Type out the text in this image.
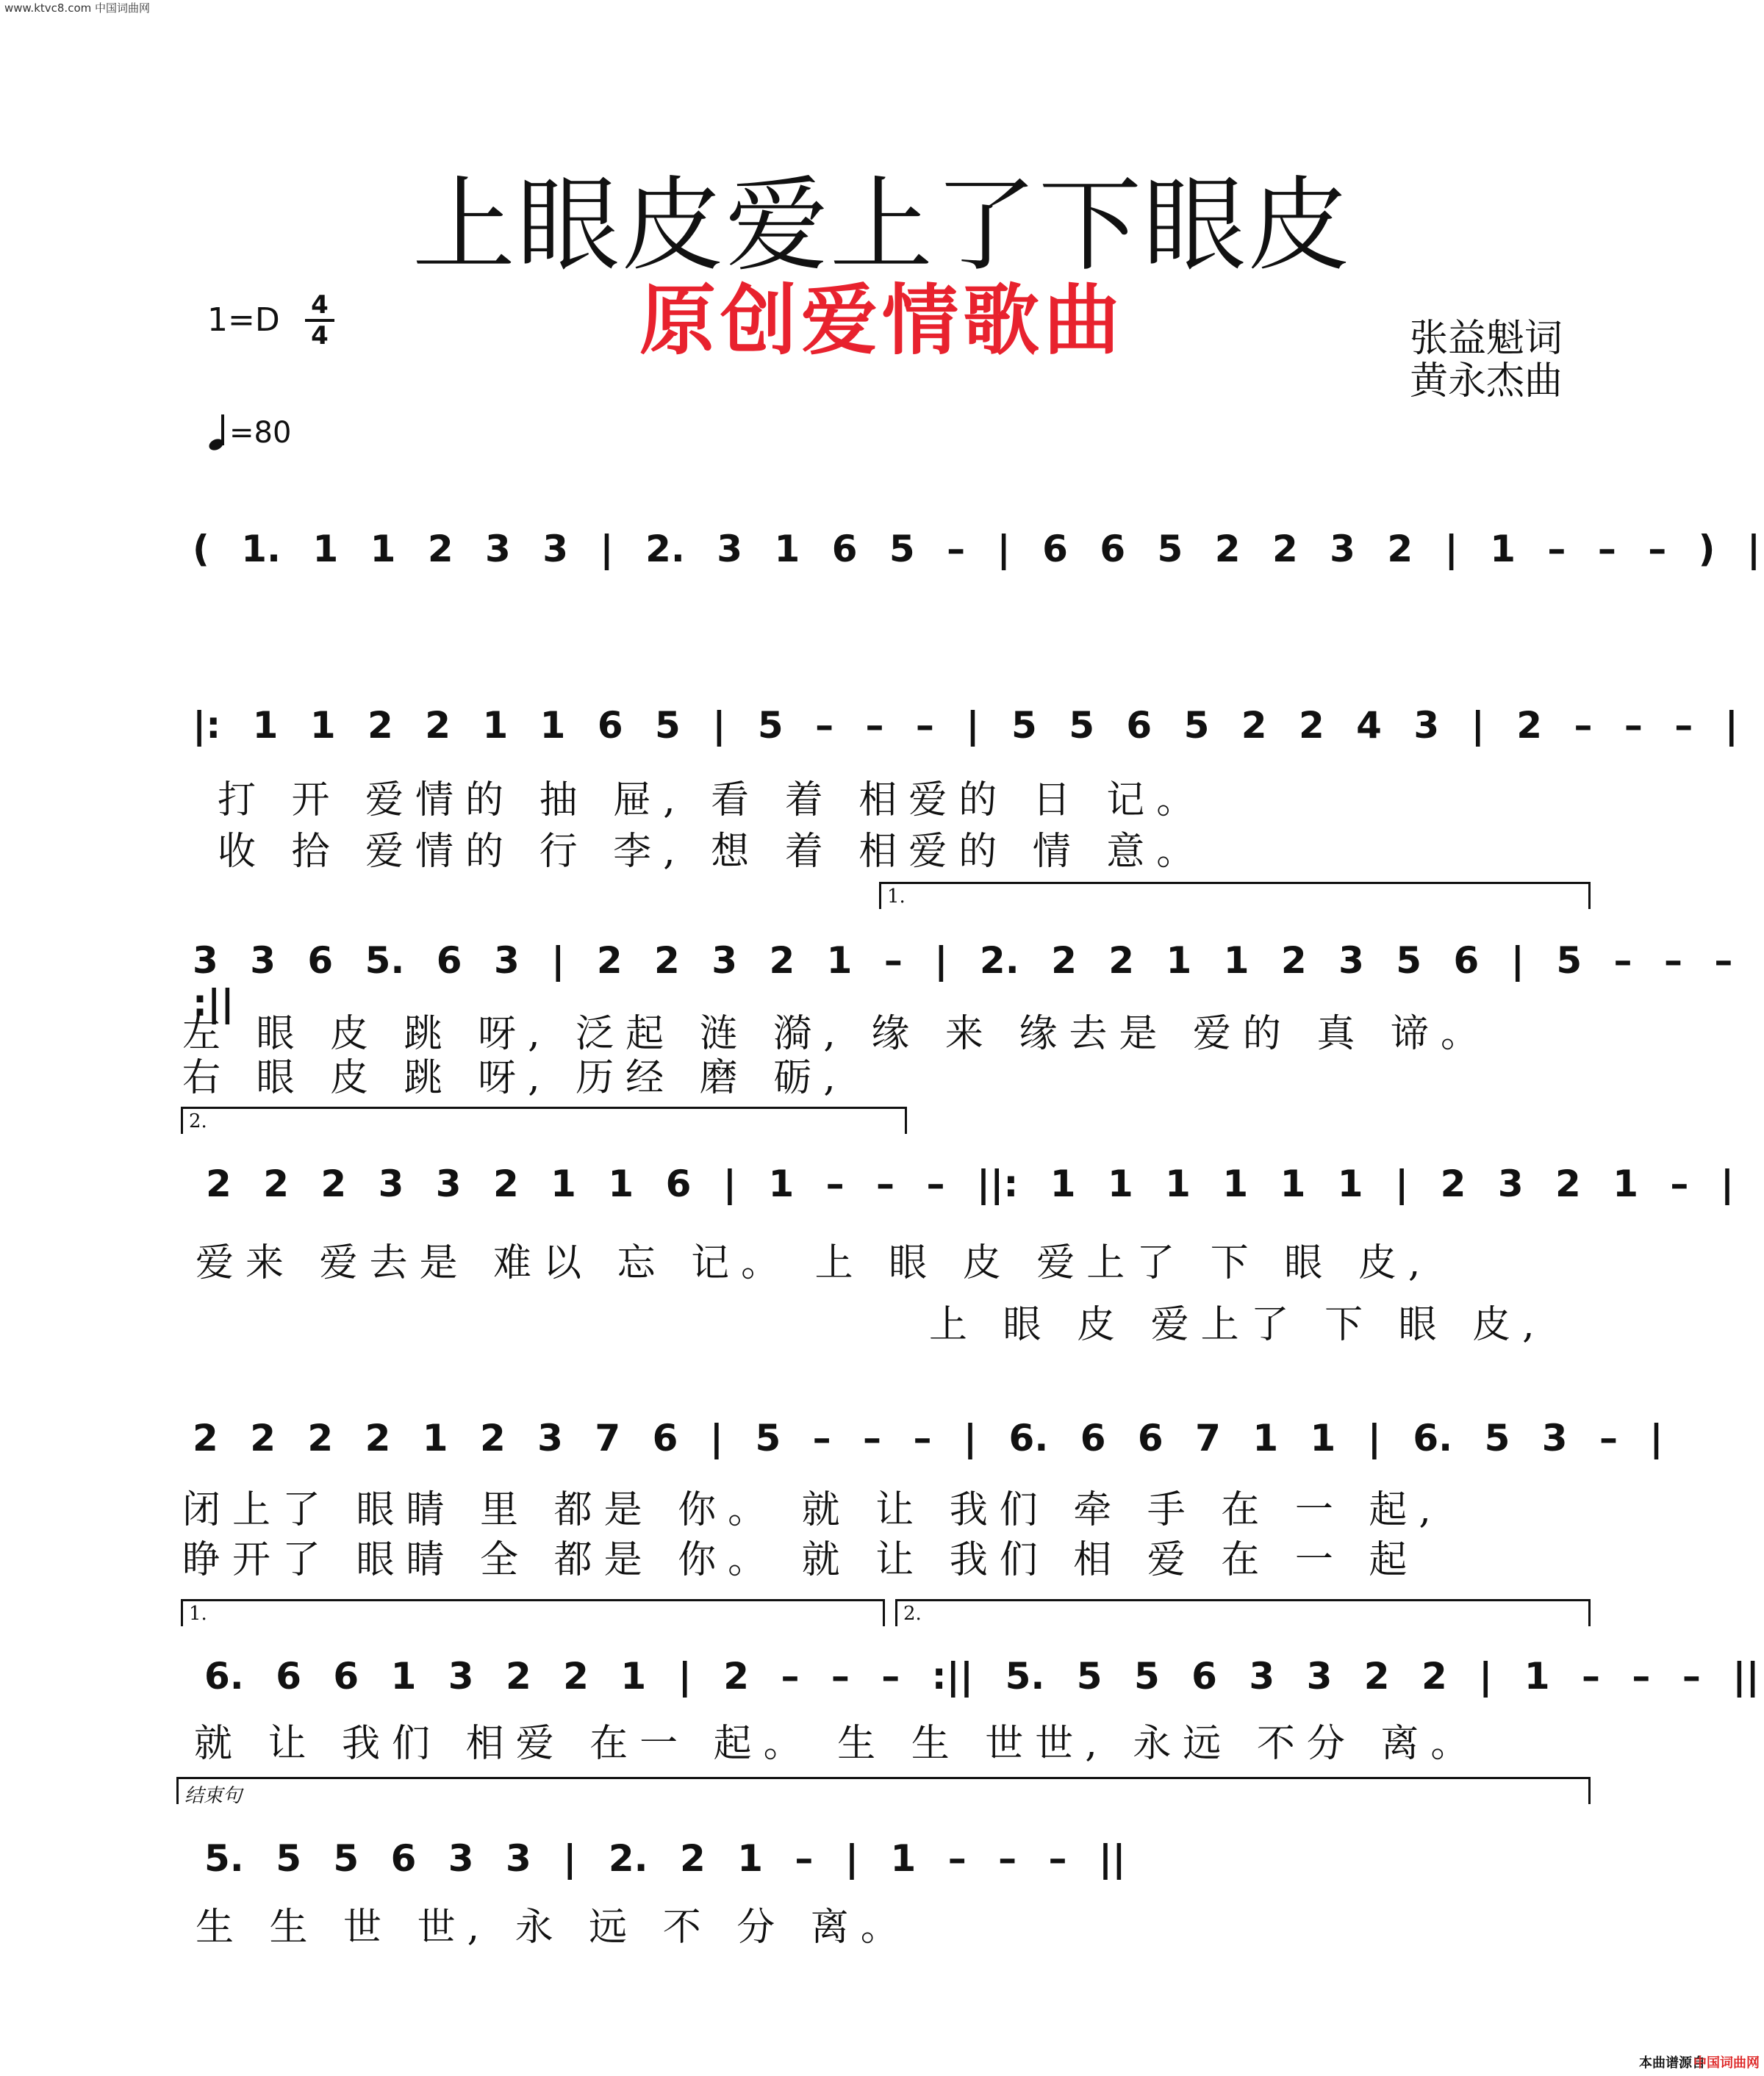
www.ktvc8.com 中国词曲网
上眼皮爱上了下眼皮
原创爱情歌曲
1=D 4
4
=80
张益魁词
黄永杰曲
( 1. 1 1 2 3 3 | 2. 3 1 6 5 – | 6 6 5 2 2 3 2 | 1 – – – ) |
|: 1 1 2 2 1 1 6 5 | 5 – – – | 5 5 6 5 2 2 4 3 | 2 – – – |
打 开 爱情的 抽 屉, 看 着 相爱的 日 记。
收 拾 爱情的 行 李, 想 着 相爱的 情 意。
1.
3 3 6 5. 6 3 | 2 2 3 2 1 – | 2. 2 2 1 1 2 3 5 6 | 5 – – – :||
左 眼 皮 跳 呀, 泛起 涟 漪, 缘 来 缘去是 爱的 真 谛。
右 眼 皮 跳 呀, 历经 磨 砺,
2.
2 2 2 3 3 2 1 1 6 | 1 – – – ||: 1 1 1 1 1 1 | 2 3 2 1 – |
爱来 爱去是 难以 忘 记。 上 眼 皮 爱上了 下 眼 皮,
上 眼 皮 爱上了 下 眼 皮,
2 2 2 2 1 2 3 7 6 | 5 – – – | 6. 6 6 7 1 1 | 6. 5 3 – |
闭上了 眼睛 里 都是 你。 就 让 我们 牵 手 在 一 起,
睁开了 眼睛 全 都是 你。 就 让 我们 相 爱 在 一 起
1.	2.
6. 6 6 1 3 2 2 1 | 2 – – – :|| 5. 5 5 6 3 3 2 2 | 1 – – – ||
就 让 我们 相爱 在一 起。 生 生 世世, 永远 不分 离。
结束句
5. 5 5 6 3 3 | 2. 2 1 – | 1 – – – ||
生 生 世 世, 永 远 不 分 离。
本曲谱源自
中国词曲网
